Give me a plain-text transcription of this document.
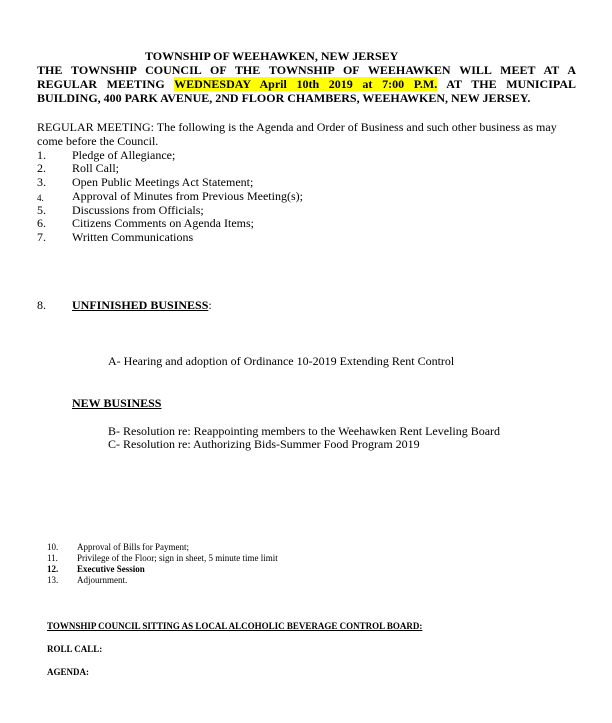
TOWNSHIP OF WEEHAWKEN, NEW JERSEY
THE TOWNSHIP COUNCIL OF THE TOWNSHIP OF WEEHAWKEN WILL MEET AT A
REGULAR MEETING WEDNESDAY April 10th 2019 at 7:00 P.M. AT THE MUNICIPAL
BUILDING, 400 PARK AVENUE, 2ND FLOOR CHAMBERS, WEEHAWKEN, NEW JERSEY.
REGULAR MEETING: The following is the Agenda and Order of Business and such other business as may come before the Council.
1. Pledge of Allegiance;
2. Roll Call;
3. Open Public Meetings Act Statement;
4. Approval of Minutes from Previous Meeting(s);
5. Discussions from Officials;
6. Citizens Comments on Agenda Items;
7. Written Communications
8. UNFINISHED BUSINESS:
A- Hearing and adoption of Ordinance 10-2019 Extending Rent Control
NEW BUSINESS
B- Resolution re: Reappointing members to the Weehawken Rent Leveling Board
C- Resolution re: Authorizing Bids-Summer Food Program 2019
10. Approval of Bills for Payment;
11. Privilege of the Floor; sign in sheet, 5 minute time limit
12. Executive Session
13. Adjournment.
TOWNSHIP COUNCIL SITTING AS LOCAL ALCOHOLIC BEVERAGE CONTROL BOARD:
ROLL CALL:
AGENDA:
